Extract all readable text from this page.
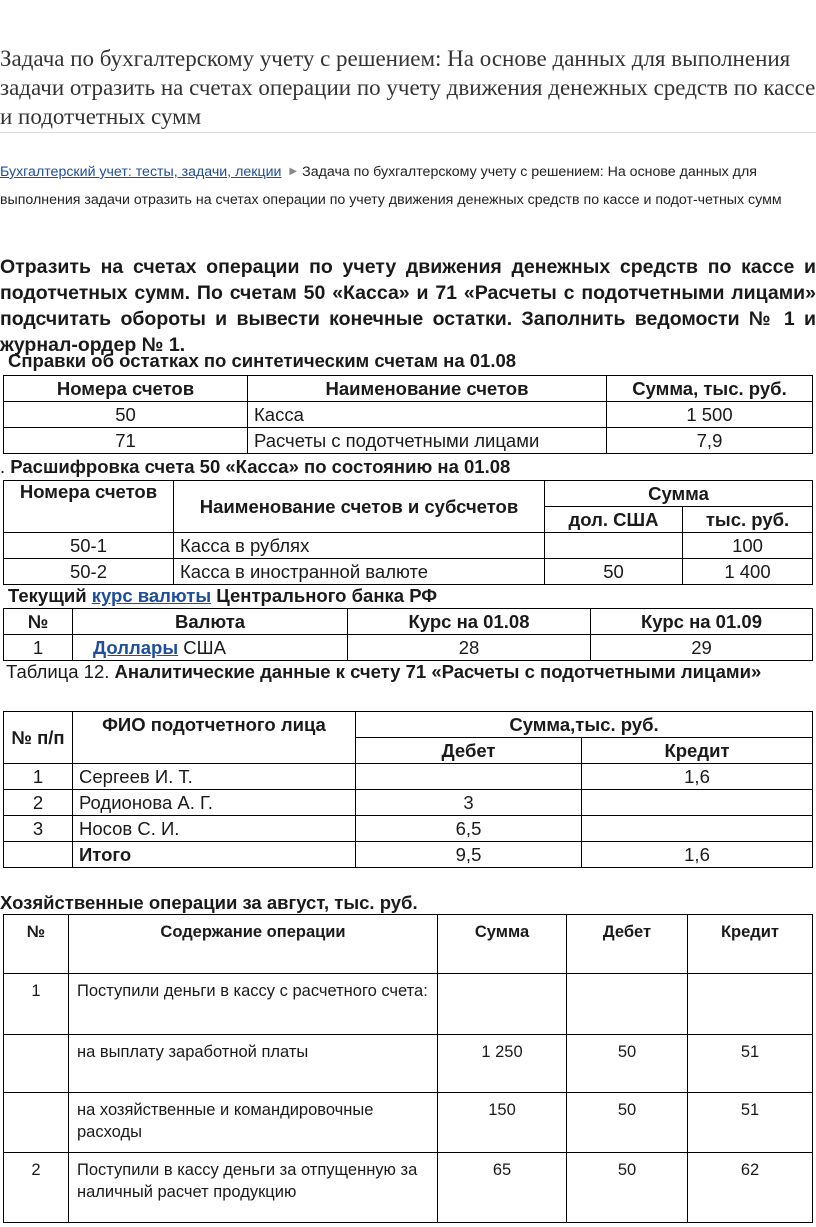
Задача по бухгалтерскому учету с решением: На основе данных для выполнения задачи отразить на счетах операции по учету движения денежных средств по кассе и подотчетных сумм
Бухгалтерский учет: тесты, задачи, лекции ▶ Задача по бухгалтерскому учету с решением: На основе данных для выполнения задачи отразить на счетах операции по учету движения денежных средств по кассе и подот-четных сумм
Отразить на счетах операции по учету движения денежных средств по кассе и подотчетных сумм. По счетам 50 «Касса» и 71 «Расчеты с подотчетными лицами» подсчитать обороты и вывести конечные остатки. Заполнить ведомости № 1 и журнал-ордер № 1.
Справки об остатках по синтетическим счетам на 01.08
Номера счетов	Наименование счетов	Сумма, тыс. руб.
50	Касса	1 500
71	Расчеты с подотчетными лицами	7,9
. Расшифровка счета 50 «Касса» по состоянию на 01.08
Номера счетов	Наименование счетов и субсчетов	Сумма	
		дол. США	тыс. руб.
50-1	Касса в рублях		100
50-2	Касса в иностранной валюте	50	1 400
Текущий курс валюты Центрального банка РФ
№	Валюта	Курс на 01.08	Курс на 01.09
1	Доллары США	28	29
Таблица 12. Аналитические данные к счету 71 «Расчеты с подотчетными лицами»
№ п/п	ФИО подотчетного лица	Сумма,тыс. руб.	
		Дебет	Кредит
1	Сергеев И. Т.		1,6
2	Родионова А. Г.	3	
3	Носов С. И.	6,5	
	Итого	9,5	1,6
Хозяйственные операции за август, тыс. руб.
№	Содержание операции	Сумма	Дебет	Кредит
1	Поступили деньги в кассу с расчетного счета:			
	на выплату заработной платы	1 250	50	51
	на хозяйственные и командировочные расходы	150	50	51
2	Поступили в кассу деньги за отпущенную за наличный расчет продукцию	65	50	62
